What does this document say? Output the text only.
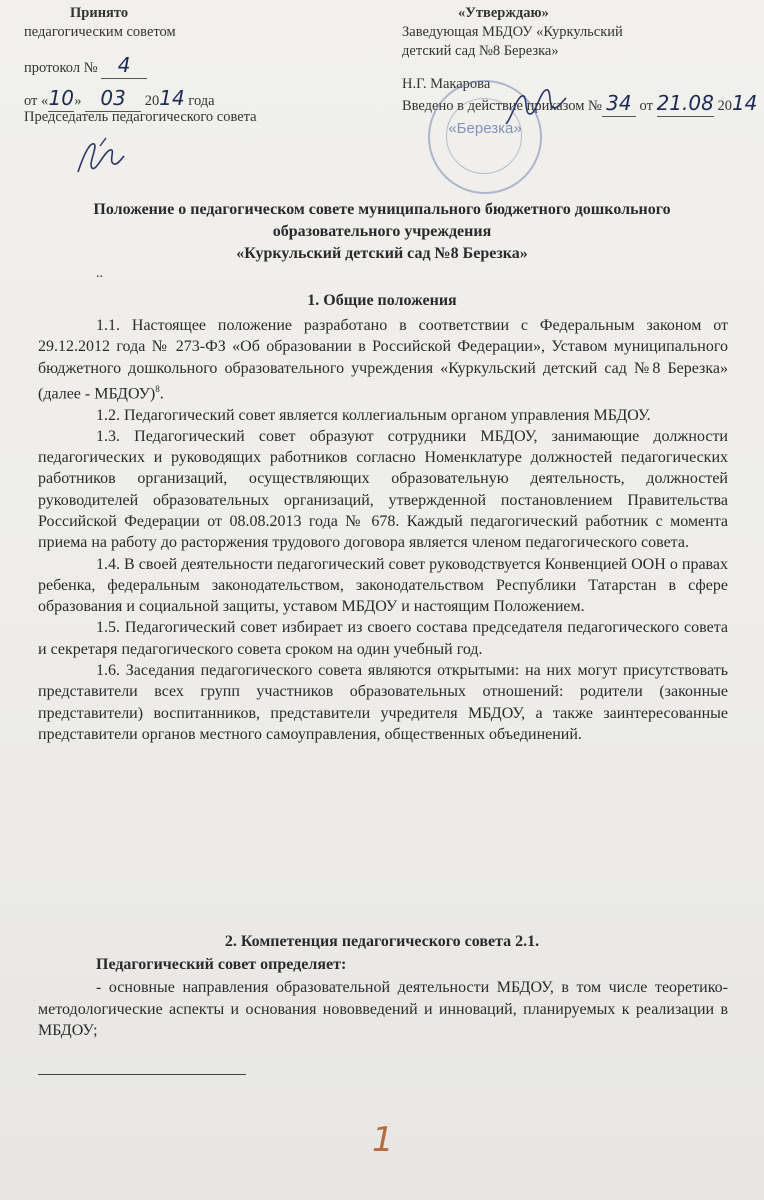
Принято
педагогическим советом
протокол № 4
от «10» 03 2014 года
Председатель педагогического совета
«Утверждаю»
Заведующая МБДОУ «Куркульский
детский сад №8 Березка»
Н.Г. Макарова
Введено в действие приказом № 34 от 21.08 2014
«Березка»
Положение о педагогическом совете муниципального бюджетного дошкольного
образовательного учреждения
«Куркульский детский сад №8 Березка»
..
1. Общие положения

1.1. Настоящее положение разработано в соответствии с Федеральным законом от 29.12.2012 года № 273-ФЗ «Об образовании в Российской Федерации», Уставом муниципального бюджетного дошкольного образовательного учреждения «Куркульский детский сад №8 Березка» (далее - МБДОУ)$^8$.

1.2. Педагогический совет является коллегиальным органом управления МБДОУ.

1.3. Педагогический совет образуют сотрудники МБДОУ, занимающие должности педагогических и руководящих работников согласно Номенклатуре должностей педагогических работников организаций, осуществляющих образовательную деятельность, должностей руководителей образовательных организаций, утвержденной постановлением Правительства Российской Федерации от 08.08.2013 года № 678. Каждый педагогический работник с момента приема на работу до расторжения трудового договора является членом педагогического совета.

1.4. В своей деятельности педагогический совет руководствуется Конвенцией ООН о правах ребенка, федеральным законодательством, законодательством Республики Татарстан в сфере образования и социальной защиты, уставом МБДОУ и настоящим Положением.

1.5. Педагогический совет избирает из своего состава председателя педагогического совета и секретаря педагогического совета сроком на один учебный год.

1.6. Заседания педагогического совета являются открытыми: на них могут присутствовать представители всех групп участников образовательных отношений: родители (законные представители) воспитанников, представители учредителя МБДОУ, а также заинтересованные представители органов местного самоуправления, общественных объединений.

2. Компетенция педагогического совета 2.1.
Педагогический совет определяет:

- основные направления образовательной деятельности МБДОУ, в том числе теоретико-методологические аспекты и основания нововведений и инноваций, планируемых к реализации в МБДОУ;

1
